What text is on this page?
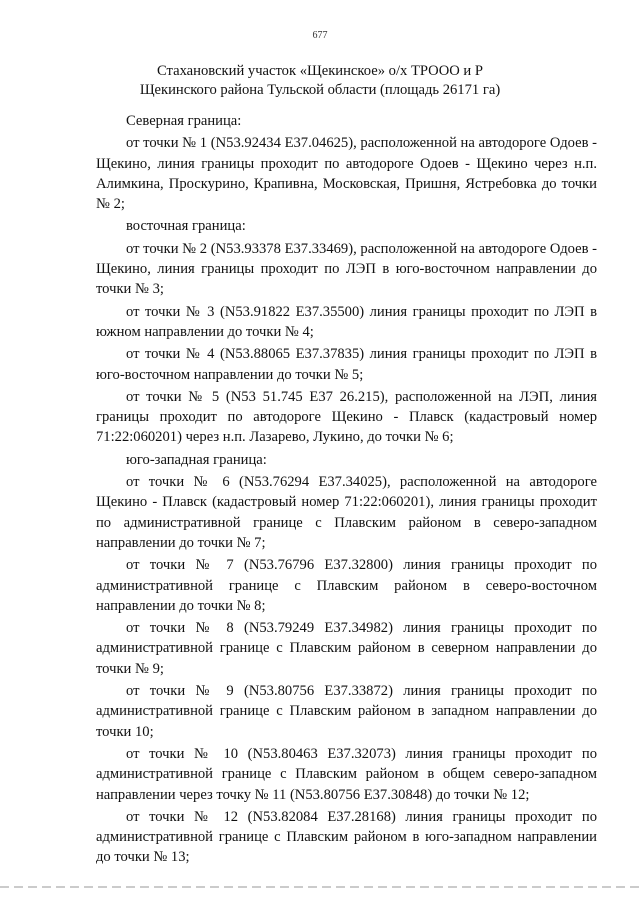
677
Стахановский участок «Щекинское» о/х ТРООО и Р
Щекинского района Тульской области (площадь 26171 га)
Северная граница:
от точки № 1 (N53.92434 E37.04625), расположенной на автодороге Одоев - Щекино, линия границы проходит по автодороге Одоев - Щекино через н.п. Алимкина, Проскурино, Крапивна, Московская, Пришня, Ястребовка до точки № 2;
восточная граница:
от точки № 2 (N53.93378 E37.33469), расположенной на автодороге Одоев - Щекино, линия границы проходит по ЛЭП в юго-восточном направлении до точки № 3;
от точки № 3 (N53.91822 E37.35500) линия границы проходит по ЛЭП в южном направлении до точки № 4;
от точки № 4 (N53.88065 E37.37835) линия границы проходит по ЛЭП в юго-восточном направлении до точки № 5;
от точки № 5 (N53 51.745 E37 26.215), расположенной на ЛЭП, линия границы проходит по автодороге Щекино - Плавск (кадастровый номер 71:22:060201) через н.п. Лазарево, Лукино, до точки № 6;
юго-западная граница:
от точки № 6 (N53.76294 E37.34025), расположенной на автодороге Щекино - Плавск (кадастровый номер 71:22:060201), линия границы проходит по административной границе с Плавским районом в северо-западном направлении до точки № 7;
от точки № 7 (N53.76796 E37.32800) линия границы проходит по административной границе с Плавским районом в северо-восточном направлении до точки № 8;
от точки № 8 (N53.79249 E37.34982) линия границы проходит по административной границе с Плавским районом в северном направлении до точки № 9;
от точки № 9 (N53.80756 E37.33872) линия границы проходит по административной границе с Плавским районом в западном направлении до точки 10;
от точки № 10 (N53.80463 E37.32073) линия границы проходит по административной границе с Плавским районом в общем северо-западном направлении через точку № 11 (N53.80756 E37.30848) до точки № 12;
от точки № 12 (N53.82084 E37.28168) линия границы проходит по административной границе с Плавским районом в юго-западном направлении до точки № 13;
